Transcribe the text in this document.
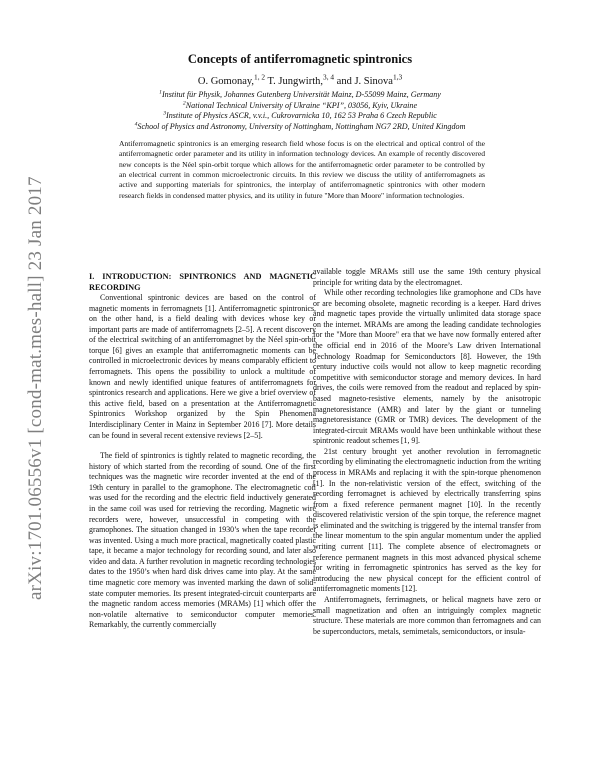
arXiv:1701.06556v1 [cond-mat.mes-hall] 23 Jan 2017
Concepts of antiferromagnetic spintronics
O. Gomonay,$^{1, 2}$ T. Jungwirth,$^{3, 4}$ and J. Sinova$^{1,3}$
$^1$Institut für Physik, Johannes Gutenberg Universität Mainz, D-55099 Mainz, Germany
$^2$National Technical University of Ukraine “KPI”, 03056, Kyiv, Ukraine
$^3$Institute of Physics ASCR, v.v.i., Cukrovarnicka 10, 162 53 Praha 6 Czech Republic
$^4$School of Physics and Astronomy, University of Nottingham, Nottingham NG7 2RD, United Kingdom
Antiferromagnetic spintronics is an emerging research field whose focus is on the electrical and optical control of the antiferromagnetic order parameter and its utility in information technology devices. An example of recently discovered new concepts is the Néel spin-orbit torque which allows for the antiferromagnetic order parameter to be controlled by an electrical current in common microelectronic circuits. In this review we discuss the utility of antiferromagnets as active and supporting materials for spintronics, the interplay of antiferromagnetic spintronics with other modern research fields in condensed matter physics, and its utility in future "More than Moore" information technologies.

I. INTRODUCTION: SPINTRONICS AND MAGNETIC RECORDING

Conventional spintronic devices are based on the control of magnetic moments in ferromagnets [1]. Antiferromagnetic spintronics, on the other hand, is a field dealing with devices whose key or important parts are made of antiferromagnets [2–5]. A recent discovery of the electrical switching of an antiferromagnet by the Néel spin-orbit torque [6] gives an example that antiferromagnetic moments can be controlled in microelectronic devices by means comparably efficient to ferromagnets. This opens the possibility to unlock a multitude of known and newly identified unique features of antiferromagnets for spintronics research and applications. Here we give a brief overview of this active field, based on a presentation at the Antiferromagnetic Spintronics Workshop organized by the Spin Phenomena Interdisciplinary Center in Mainz in September 2016 [7]. More details can be found in several recent extensive reviews [2–5].

The field of spintronics is tightly related to magnetic recording, the history of which started from the recording of sound. One of the first techniques was the magnetic wire recorder invented at the end of the 19th century in parallel to the gramophone. The electromagnetic coil was used for the recording and the electric field inductively generated in the same coil was used for retrieving the recording. Magnetic wire recorders were, however, unsuccessful in competing with the gramophones. The situation changed in 1930’s when the tape recorder was invented. Using a much more practical, magnetically coated plastic tape, it became a major technology for recording sound, and later also video and data. A further revolution in magnetic recording technologies dates to the 1950’s when hard disk drives came into play. At the same time magnetic core memory was invented marking the dawn of solid-state computer memories. Its present integrated-circuit counterparts are the magnetic random access memories (MRAMs) [1] which offer the non-volatile alternative to semiconductor computer memories. Remarkably, the currently commercially

available toggle MRAMs still use the same 19th century physical principle for writing data by the electromagnet.

While other recording technologies like gramophone and CDs have or are becoming obsolete, magnetic recording is a keeper. Hard drives and magnetic tapes provide the virtually unlimited data storage space on the internet. MRAMs are among the leading candidate technologies for the "More than Moore" era that we have now formally entered after the official end in 2016 of the Moore’s Law driven International Technology Roadmap for Semiconductors [8]. However, the 19th century inductive coils would not allow to keep magnetic recording competitive with semiconductor storage and memory devices. In hard drives, the coils were removed from the readout and replaced by spin-based magneto-resistive elements, namely by the anisotropic magnetoresistance (AMR) and later by the giant or tunneling magnetoresistance (GMR or TMR) devices. The development of the integrated-circuit MRAMs would have been unthinkable without these spintronic readout schemes [1, 9].

21st century brought yet another revolution in ferromagnetic recording by eliminating the electromagnetic induction from the writing process in MRAMs and replacing it with the spin-torque phenomenon [1]. In the non-relativistic version of the effect, switching of the recording ferromagnet is achieved by electrically transferring spins from a fixed reference permanent magnet [10]. In the recently discovered relativistic version of the spin torque, the reference magnet is eliminated and the switching is triggered by the internal transfer from the linear momentum to the spin angular momentum under the applied writing current [11]. The complete absence of electromagnets or reference permanent magnets in this most advanced physical scheme for writing in ferromagnetic spintronics has served as the key for introducing the new physical concept for the efficient control of antiferromagnetic moments [12].

Antiferromagnets, ferrimagnets, or helical magnets have zero or small magnetization and often an intriguingly complex magnetic structure. These materials are more common than ferromagnets and can be superconductors, metals, semimetals, semiconductors, or insula-
